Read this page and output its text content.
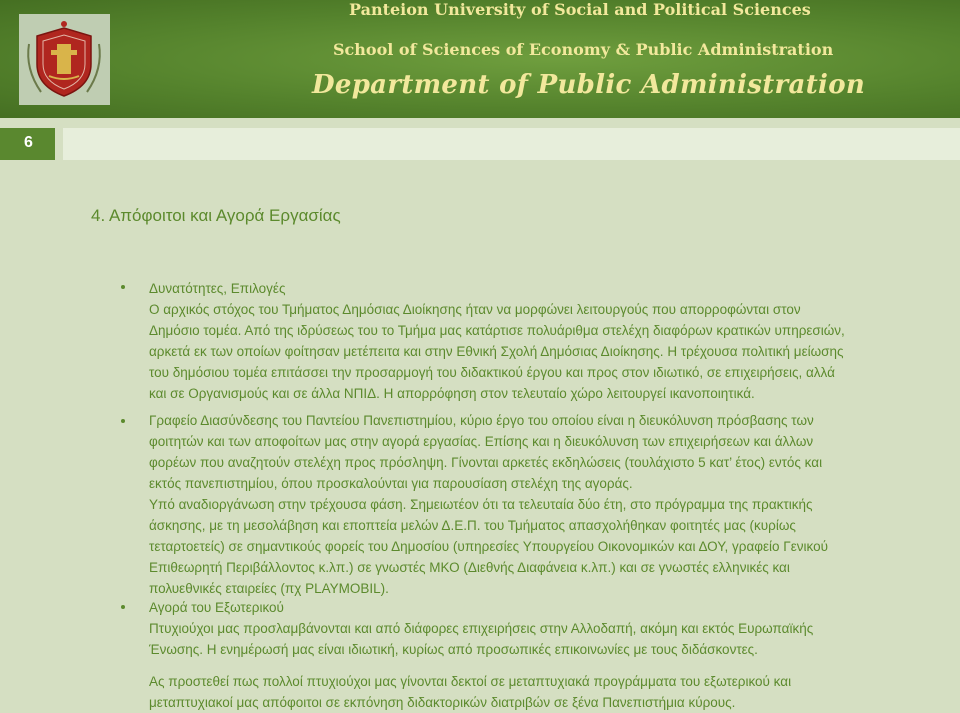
Panteion University of Social and Political Sciences
School of Sciences of Economy & Public Administration
Department of Public Administration
6
4. Απόφοιτοι και Αγορά Εργασίας

Δυνατότητες, Επιλογές

Ο αρχικός στόχος του Τμήματος Δημόσιας Διοίκησης ήταν να μορφώνει λειτουργούς που απορροφώνται στον

Δημόσιο τομέα. Από της ιδρύσεως του το Τμήμα μας κατάρτισε πολυάριθμα στελέχη διαφόρων κρατικών υπηρεσιών,

αρκετά εκ των οποίων φοίτησαν μετέπειτα και στην Εθνική Σχολή Δημόσιας Διοίκησης. Η τρέχουσα πολιτική μείωσης

του δημόσιου τομέα επιτάσσει την προσαρμογή του διδακτικού έργου και προς στον ιδιωτικό, σε επιχειρήσεις, αλλά

και σε Οργανισμούς και σε άλλα ΝΠΙΔ. Η απορρόφηση στον τελευταίο χώρο λειτουργεί ικανοποιητικά.

Γραφείο Διασύνδεσης του Παντείου Πανεπιστημίου, κύριο έργο του οποίου είναι η διευκόλυνση πρόσβασης των

φοιτητών και των αποφοίτων μας στην αγορά εργασίας. Επίσης και η διευκόλυνση των επιχειρήσεων και άλλων

φορέων που αναζητούν στελέχη προς πρόσληψη. Γίνονται αρκετές εκδηλώσεις (τουλάχιστο 5 κατ’ έτος) εντός και

εκτός πανεπιστημίου, όπου προσκαλούνται για παρουσίαση στελέχη της αγοράς.

Υπό αναδιοργάνωση στην τρέχουσα φάση. Σημειωτέον ότι τα τελευταία δύο έτη, στο πρόγραμμα της πρακτικής

άσκησης, με τη μεσολάβηση και εποπτεία μελών Δ.Ε.Π. του Τμήματος απασχολήθηκαν φοιτητές μας (κυρίως

τεταρτοετείς) σε σημαντικούς φορείς του Δημοσίου (υπηρεσίες Υπουργείου Οικονομικών και ΔΟΥ, γραφείο Γενικού

Επιθεωρητή Περιβάλλοντος κ.λπ.) σε γνωστές ΜΚΟ (Διεθνής Διαφάνεια κ.λπ.) και σε γνωστές ελληνικές και

πολυεθνικές εταιρείες (πχ PLAYMOBIL).

Αγορά του Εξωτερικού

Πτυχιούχοι μας προσλαμβάνονται και από διάφορες επιχειρήσεις στην Αλλοδαπή, ακόμη και εκτός Ευρωπαϊκής

Ένωσης. Η ενημέρωσή μας είναι ιδιωτική, κυρίως από προσωπικές επικοινωνίες με τους διδάσκοντες.

Ας προστεθεί πως πολλοί πτυχιούχοι μας γίνονται δεκτοί σε μεταπτυχιακά προγράμματα του εξωτερικού και

μεταπτυχιακοί μας απόφοιτοι σε εκπόνηση διδακτορικών διατριβών σε ξένα Πανεπιστήμια κύρους.
